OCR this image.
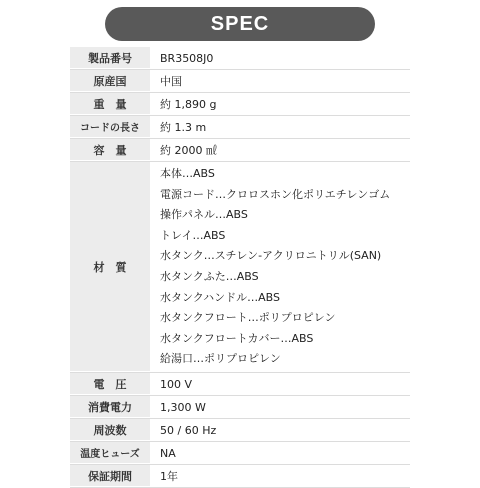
SPEC
製品番号	BR3508J0
原産国	中国
重　量	約 1,890 g
コードの長さ	約 1.3 m
容　量	約 2000 ㎖
材　質
本体…ABS
電源コード…クロロスホン化ポリエチレンゴム
操作パネル…ABS
トレイ…ABS
水タンク…スチレン-アクリロニトリル(SAN)
水タンクふた…ABS
水タンクハンドル…ABS
水タンクフロート…ポリプロピレン
水タンクフロートカバー…ABS
給湯口…ポリプロピレン
電　圧	100 V
消費電力	1,300 W
周波数	50 / 60 Hz
温度ヒューズ	NA
保証期間	1年
